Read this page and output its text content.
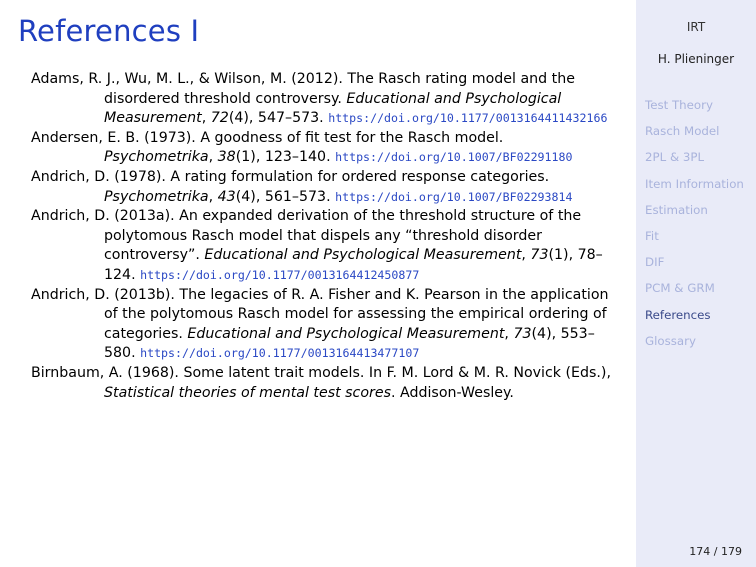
References I

Adams, R. J., Wu, M. L., & Wilson, M. (2012). The Rasch rating model and the disordered threshold controversy. Educational and Psychological Measurement, 72(4), 547–573. https://doi.org/10.1177/0013164411432166

Andersen, E. B. (1973). A goodness of fit test for the Rasch model. Psychometrika, 38(1), 123–140. https://doi.org/10.1007/BF02291180

Andrich, D. (1978). A rating formulation for ordered response categories. Psychometrika, 43(4), 561–573. https://doi.org/10.1007/BF02293814

Andrich, D. (2013a). An expanded derivation of the threshold structure of the polytomous Rasch model that dispels any “threshold disorder controversy”. Educational and Psychological Measurement, 73(1), 78–124. https://doi.org/10.1177/0013164412450877

Andrich, D. (2013b). The legacies of R. A. Fisher and K. Pearson in the application of the polytomous Rasch model for assessing the empirical ordering of categories. Educational and Psychological Measurement, 73(4), 553–580. https://doi.org/10.1177/0013164413477107

Birnbaum, A. (1968). Some latent trait models. In F. M. Lord & M. R. Novick (Eds.), Statistical theories of mental test scores. Addison-Wesley.

IRT
H. Plieninger
Test Theory
Rasch Model
2PL & 3PL
Item Information
Estimation
Fit
DIF
PCM & GRM
References
Glossary
174 / 179
